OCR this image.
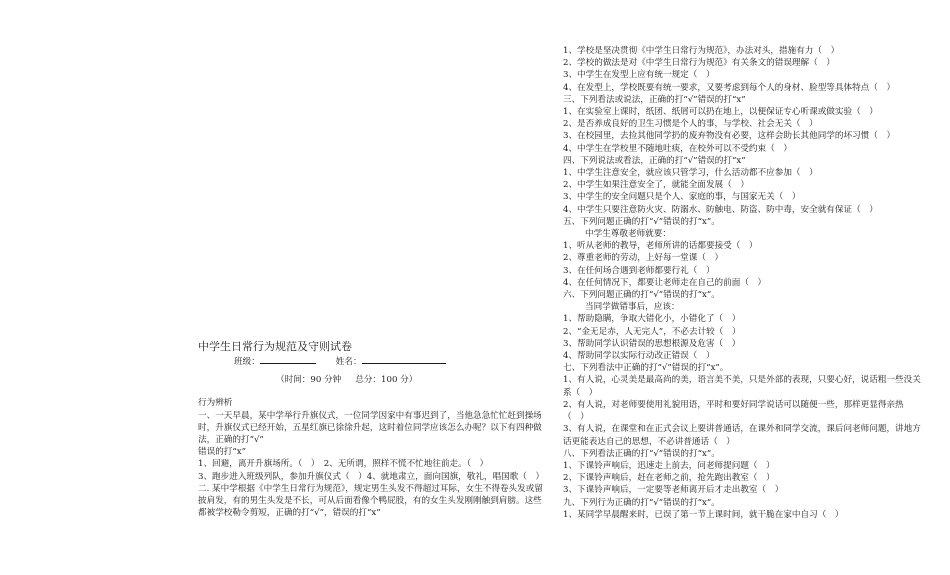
中学生日常行为规范及守则试卷
班级：	姓名：
（时间：90 分钟 总分：100 分）
行为辨析
一、一天早晨，某中学举行升旗仪式，一位同学因家中有事迟到了，当他急急忙忙赶到操场时，升旗仪式已经开始，五星红旗已徐徐升起，这时着位同学应该怎么办呢？以下有四种做法，正确的打“√”
错误的打“x”
1、回避，离开升旗场所。（　）　2、无所谓，照样不慌不忙地往前走。（　）
3、跑步进入班级列队，参加升旗仪式（　）4、就地肃立，面向国旗，敬礼，唱国歌（　）
二. 某中学根据《中学生日常行为规范》，规定男生头发不得超过耳际，女生不得卷头发或留披肩发，有的男生头发是不长，可从后面看像个鸭屁股，有的女生头发刚刚触到肩膀。这些都被学校勒令剪短，正确的打“√”，错误的打“x”
1、学校是坚决贯彻《中学生日常行为规范》，办法对头，措施有力（　）
2、学校的做法是对《中学生日常行为规范》有关条文的错误理解（　）
3、中学生在发型上应有统一规定（　）
4、在发型上，学校既要有统一要求，又要考虑到每个人的身材、脸型等具体特点（　）
三、下列看法或说法，正确的打“√”错误的打“x”
1、在实验室上课时，纸团、纸屑可以扔在地上，以便保证专心听课或做实验（　）
2、是否养成良好的卫生习惯是个人的事，与学校、社会无关（　）
3、在校园里，去捡其他同学扔的废弃物没有必要，这样会助长其他同学的坏习惯（　）
4、中学生在学校里不随地吐痰，在校外可以不受约束（　）
四、下列说法或看法，正确的打“√”错误的打“x”
1、中学生注意安全，就应该只管学习，什么活动都不应参加（　）
2、中学生如果注意安全了，就能全面发展（　）
3、中学生的安全问题只是个人、家庭的事，与国家无关（　）
4、中学生只要注意防火灾、防溺水、防触电、防盗、防中毒，安全就有保证（　）
五、下列问题正确的打“√”错误的打“x”。
中学生尊敬老师就要：
1、听从老师的教导，老师所讲的话都要接受（　）
2、尊重老师的劳动，上好每一堂课（　）
3、在任何场合遇到老师都要行礼（　）
4、在任何情况下，都要让老师走在自己的前面（　）
六、下列问题正确的打“√”错误的打“x”。
当同学做错事后，应该：
1、帮助隐瞒，争取大错化小，小错化了（　）
2、“金无足赤，人无完人”，不必去计较（　）
3、帮助同学认识错误的思想根源及危害（　）
4、帮助同学以实际行动改正错误（　）
七、下列看法中正确的打“√”错误的打“x”。
1、有人说，心灵美是最高尚的美，语言美不美，只是外部的表现，只要心好，说话粗一些没关系（　）
2、有人说，对老师要使用礼貌用语，平时和要好同学说话可以随便一些，那样更显得亲热（　）
3、有人说，在课堂和在正式会议上要讲普通话，在课外和同学交流，课后问老师问题，讲地方话更能表达自己的思想，不必讲普通话（　）
八、下列看法正确的打“√”错误的打“x”。
1、下课铃声响后，迅速走上前去，问老师提问题（　）
2、下课铃声响后，赶在老师之前，抢先跑出教室（　）
3、下课铃声响后，一定要等老师离开后才走出教室（　）
九、下列行为正确的打“√”错误的打“x”。
1、某同学早晨醒来时，已误了第一节上课时间，就干脆在家中自习（　）
